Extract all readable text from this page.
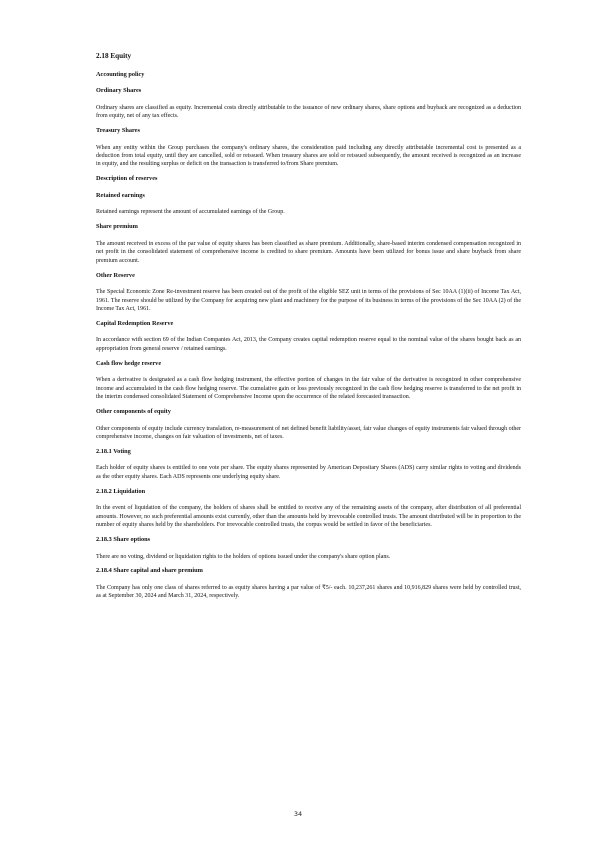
2.18 Equity
Accounting policy
Ordinary Shares
Ordinary shares are classified as equity. Incremental costs directly attributable to the issuance of new ordinary shares, share options and buyback are recognized as a deduction from equity, net of any tax effects.
Treasury Shares
When any entity within the Group purchases the company's ordinary shares, the consideration paid including any directly attributable incremental cost is presented as a deduction from total equity, until they are cancelled, sold or reissued. When treasury shares are sold or reissued subsequently, the amount received is recognized as an increase in equity, and the resulting surplus or deficit on the transaction is transferred to/from Share premium.
Description of reserves
Retained earnings
Retained earnings represent the amount of accumulated earnings of the Group.
Share premium
The amount received in excess of the par value of equity shares has been classified as share premium. Additionally, share-based interim condensed compensation recognized in net profit in the consolidated statement of comprehensive income is credited to share premium. Amounts have been utilized for bonus issue and share buyback from share premium account.
Other Reserve
The Special Economic Zone Re-investment reserve has been created out of the profit of the eligible SEZ unit in terms of the provisions of Sec 10AA (1)(ii) of Income Tax Act, 1961. The reserve should be utilized by the Company for acquiring new plant and machinery for the purpose of its business in terms of the provisions of the Sec 10AA (2) of the Income Tax Act, 1961.
Capital Redemption Reserve
In accordance with section 69 of the Indian Companies Act, 2013, the Company creates capital redemption reserve equal to the nominal value of the shares bought back as an appropriation from general reserve / retained earnings.
Cash flow hedge reserve
When a derivative is designated as a cash flow hedging instrument, the effective portion of changes in the fair value of the derivative is recognized in other comprehensive income and accumulated in the cash flow hedging reserve. The cumulative gain or loss previously recognized in the cash flow hedging reserve is transferred to the net profit in the interim condensed consolidated Statement of Comprehensive Income upon the occurrence of the related forecasted transaction.
Other components of equity
Other components of equity include currency translation, re-measurement of net defined benefit liability/asset, fair value changes of equity instruments fair valued through other comprehensive income, changes on fair valuation of investments, net of taxes.
2.18.1 Voting
Each holder of equity shares is entitled to one vote per share. The equity shares represented by American Depositary Shares (ADS) carry similar rights to voting and dividends as the other equity shares. Each ADS represents one underlying equity share.
2.18.2 Liquidation
In the event of liquidation of the company, the holders of shares shall be entitled to receive any of the remaining assets of the company, after distribution of all preferential amounts. However, no such preferential amounts exist currently, other than the amounts held by irrevocable controlled trusts. The amount distributed will be in proportion to the number of equity shares held by the shareholders. For irrevocable controlled trusts, the corpus would be settled in favor of the beneficiaries.
2.18.3 Share options
There are no voting, dividend or liquidation rights to the holders of options issued under the company's share option plans.
2.18.4 Share capital and share premium
The Company has only one class of shares referred to as equity shares having a par value of ₹5/- each. 10,237,261 shares and 10,916,829 shares were held by controlled trust, as at September 30, 2024 and March 31, 2024, respectively.
34
